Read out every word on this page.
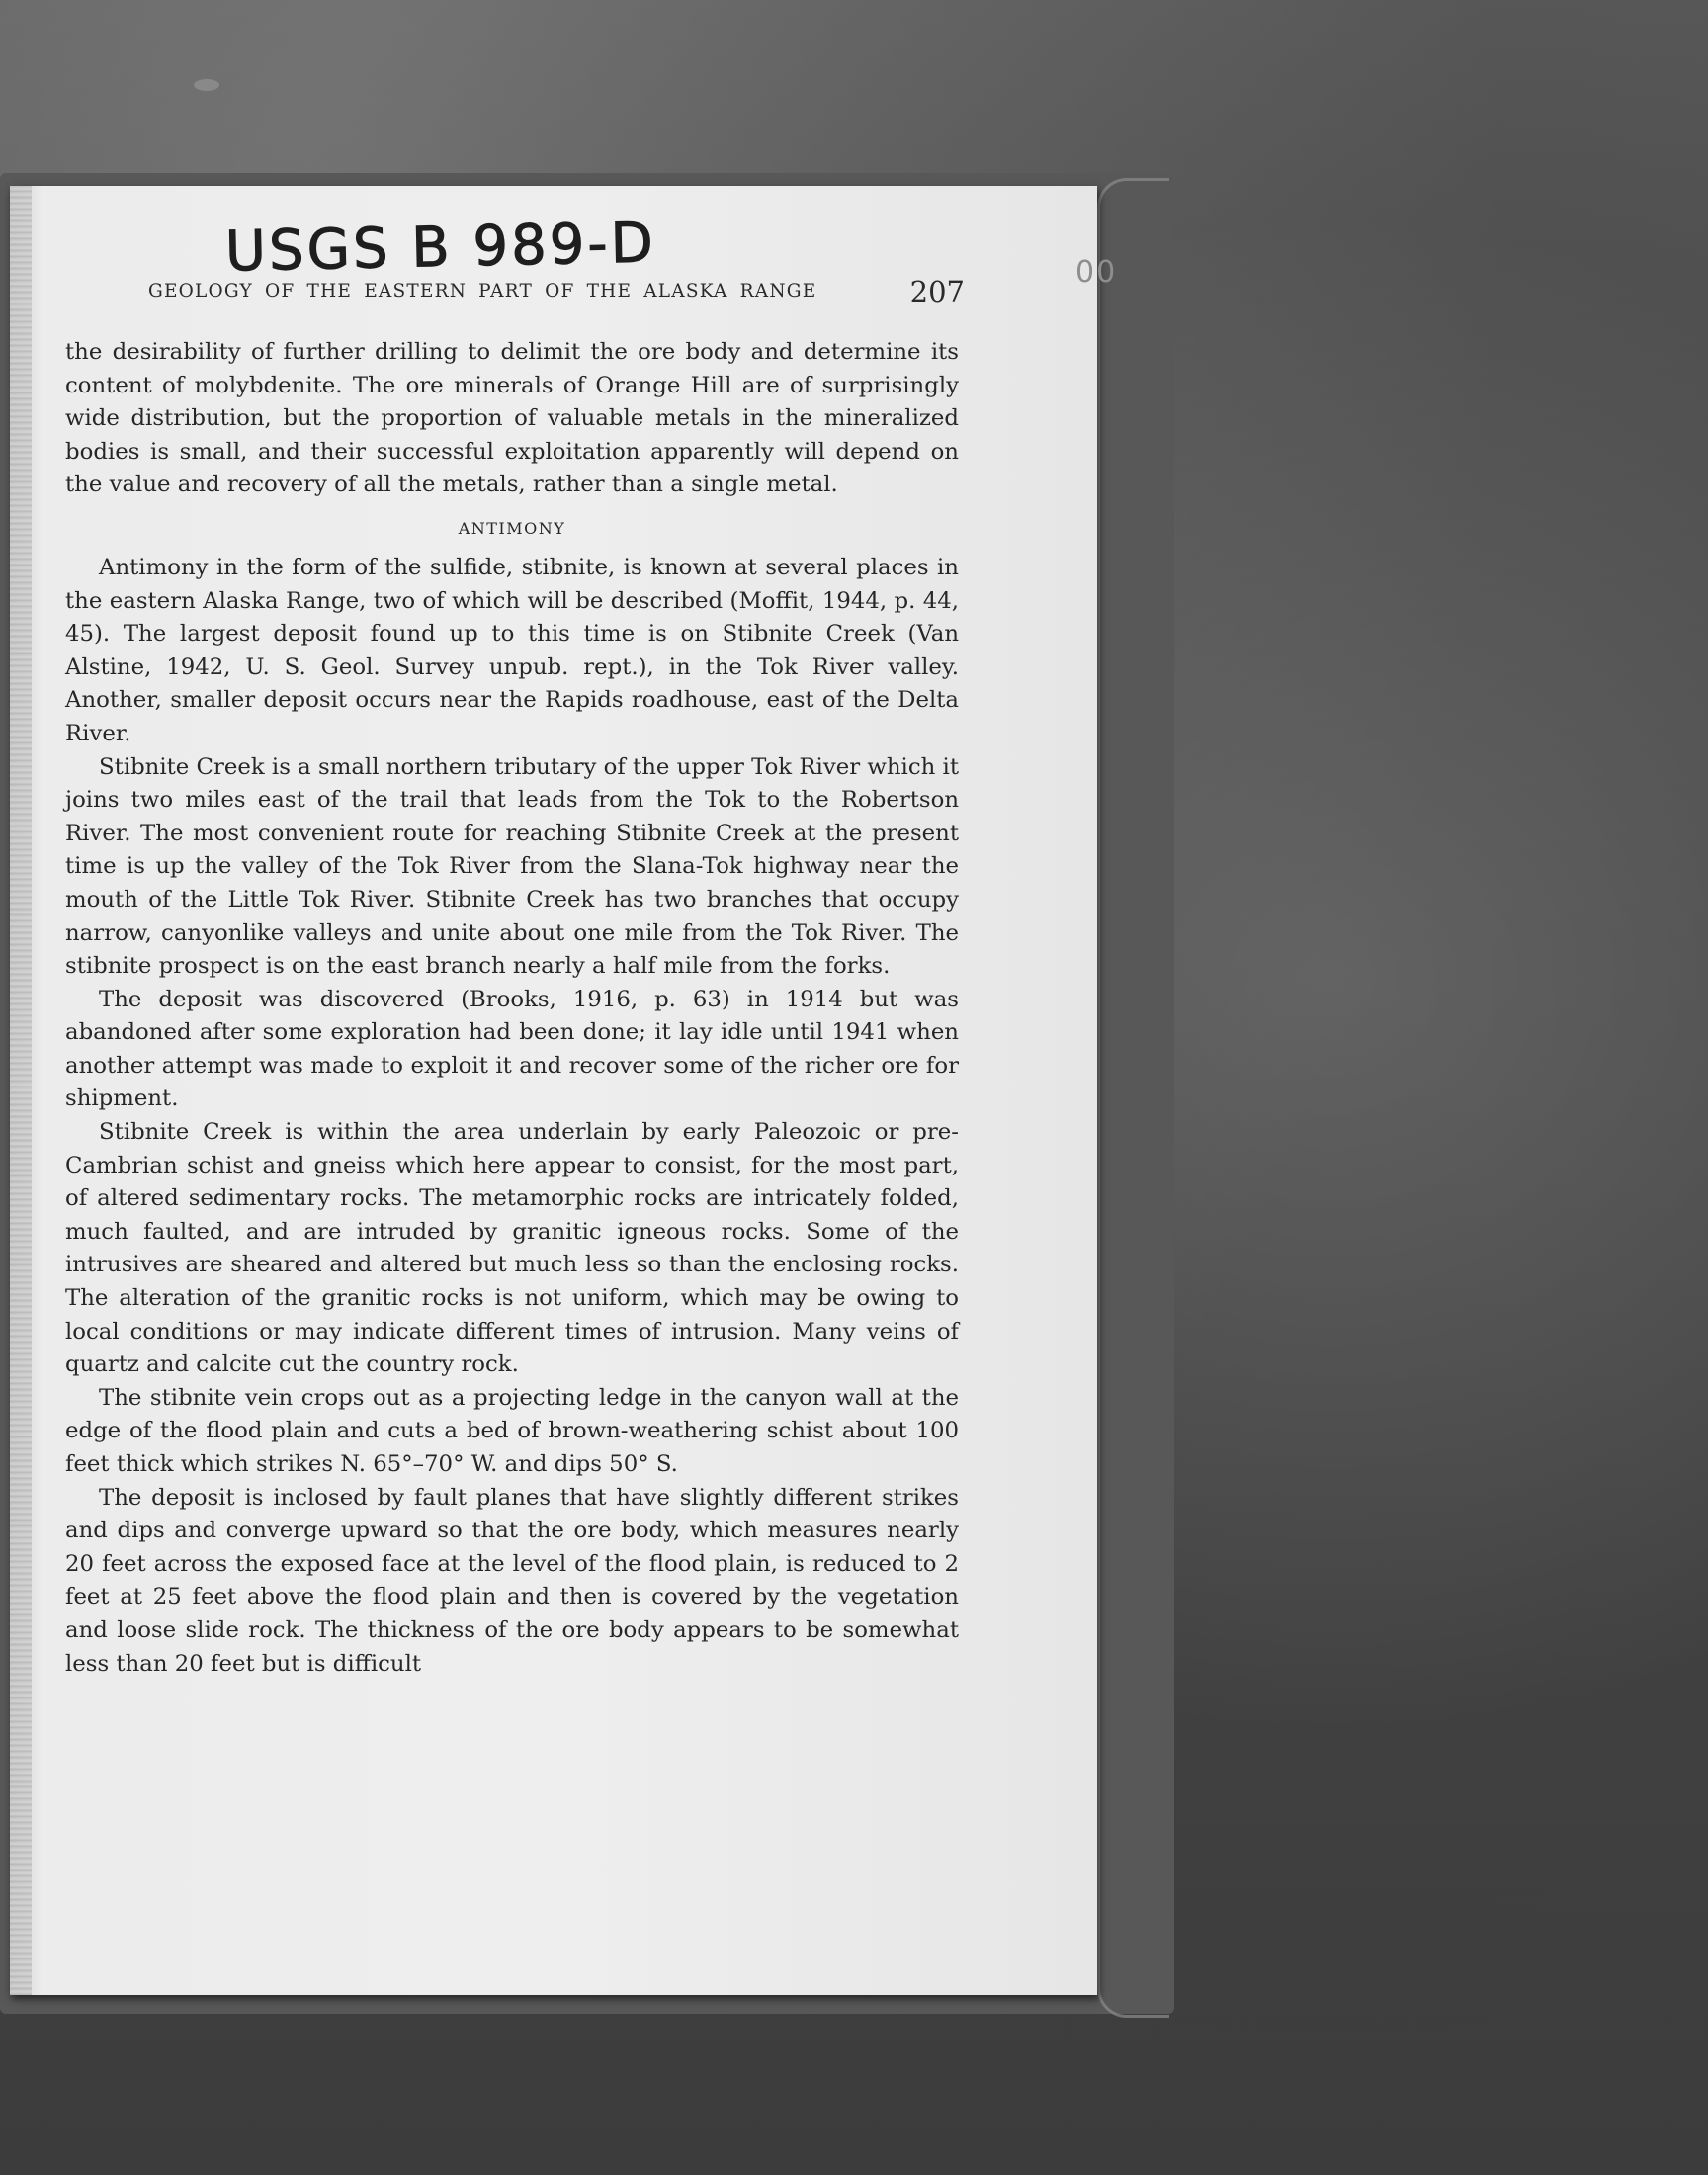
USGS B 989-D	00
GEOLOGY OF THE EASTERN PART OF THE ALASKA RANGE	207

the desirability of further drilling to delimit the ore body and determine its content of molybdenite. The ore minerals of Orange Hill are of surprisingly wide distribution, but the proportion of valuable metals in the mineralized bodies is small, and their successful exploitation apparently will depend on the value and recovery of all the metals, rather than a single metal.

ANTIMONY

Antimony in the form of the sulfide, stibnite, is known at several places in the eastern Alaska Range, two of which will be described (Moffit, 1944, p. 44, 45). The largest deposit found up to this time is on Stibnite Creek (Van Alstine, 1942, U. S. Geol. Survey unpub. rept.), in the Tok River valley. Another, smaller deposit occurs near the Rapids roadhouse, east of the Delta River.

Stibnite Creek is a small northern tributary of the upper Tok River which it joins two miles east of the trail that leads from the Tok to the Robertson River. The most convenient route for reaching Stibnite Creek at the present time is up the valley of the Tok River from the Slana-Tok highway near the mouth of the Little Tok River. Stibnite Creek has two branches that occupy narrow, canyonlike valleys and unite about one mile from the Tok River. The stibnite prospect is on the east branch nearly a half mile from the forks.

The deposit was discovered (Brooks, 1916, p. 63) in 1914 but was abandoned after some exploration had been done; it lay idle until 1941 when another attempt was made to exploit it and recover some of the richer ore for shipment.

Stibnite Creek is within the area underlain by early Paleozoic or pre-Cambrian schist and gneiss which here appear to consist, for the most part, of altered sedimentary rocks. The metamorphic rocks are intricately folded, much faulted, and are intruded by granitic igneous rocks. Some of the intrusives are sheared and altered but much less so than the enclosing rocks. The alteration of the granitic rocks is not uniform, which may be owing to local conditions or may indicate different times of intrusion. Many veins of quartz and calcite cut the country rock.

The stibnite vein crops out as a projecting ledge in the canyon wall at the edge of the flood plain and cuts a bed of brown-weathering schist about 100 feet thick which strikes N. 65°–70° W. and dips 50° S.

The deposit is inclosed by fault planes that have slightly different strikes and dips and converge upward so that the ore body, which measures nearly 20 feet across the exposed face at the level of the flood plain, is reduced to 2 feet at 25 feet above the flood plain and then is covered by the vegetation and loose slide rock. The thickness of the ore body appears to be somewhat less than 20 feet but is difficult
